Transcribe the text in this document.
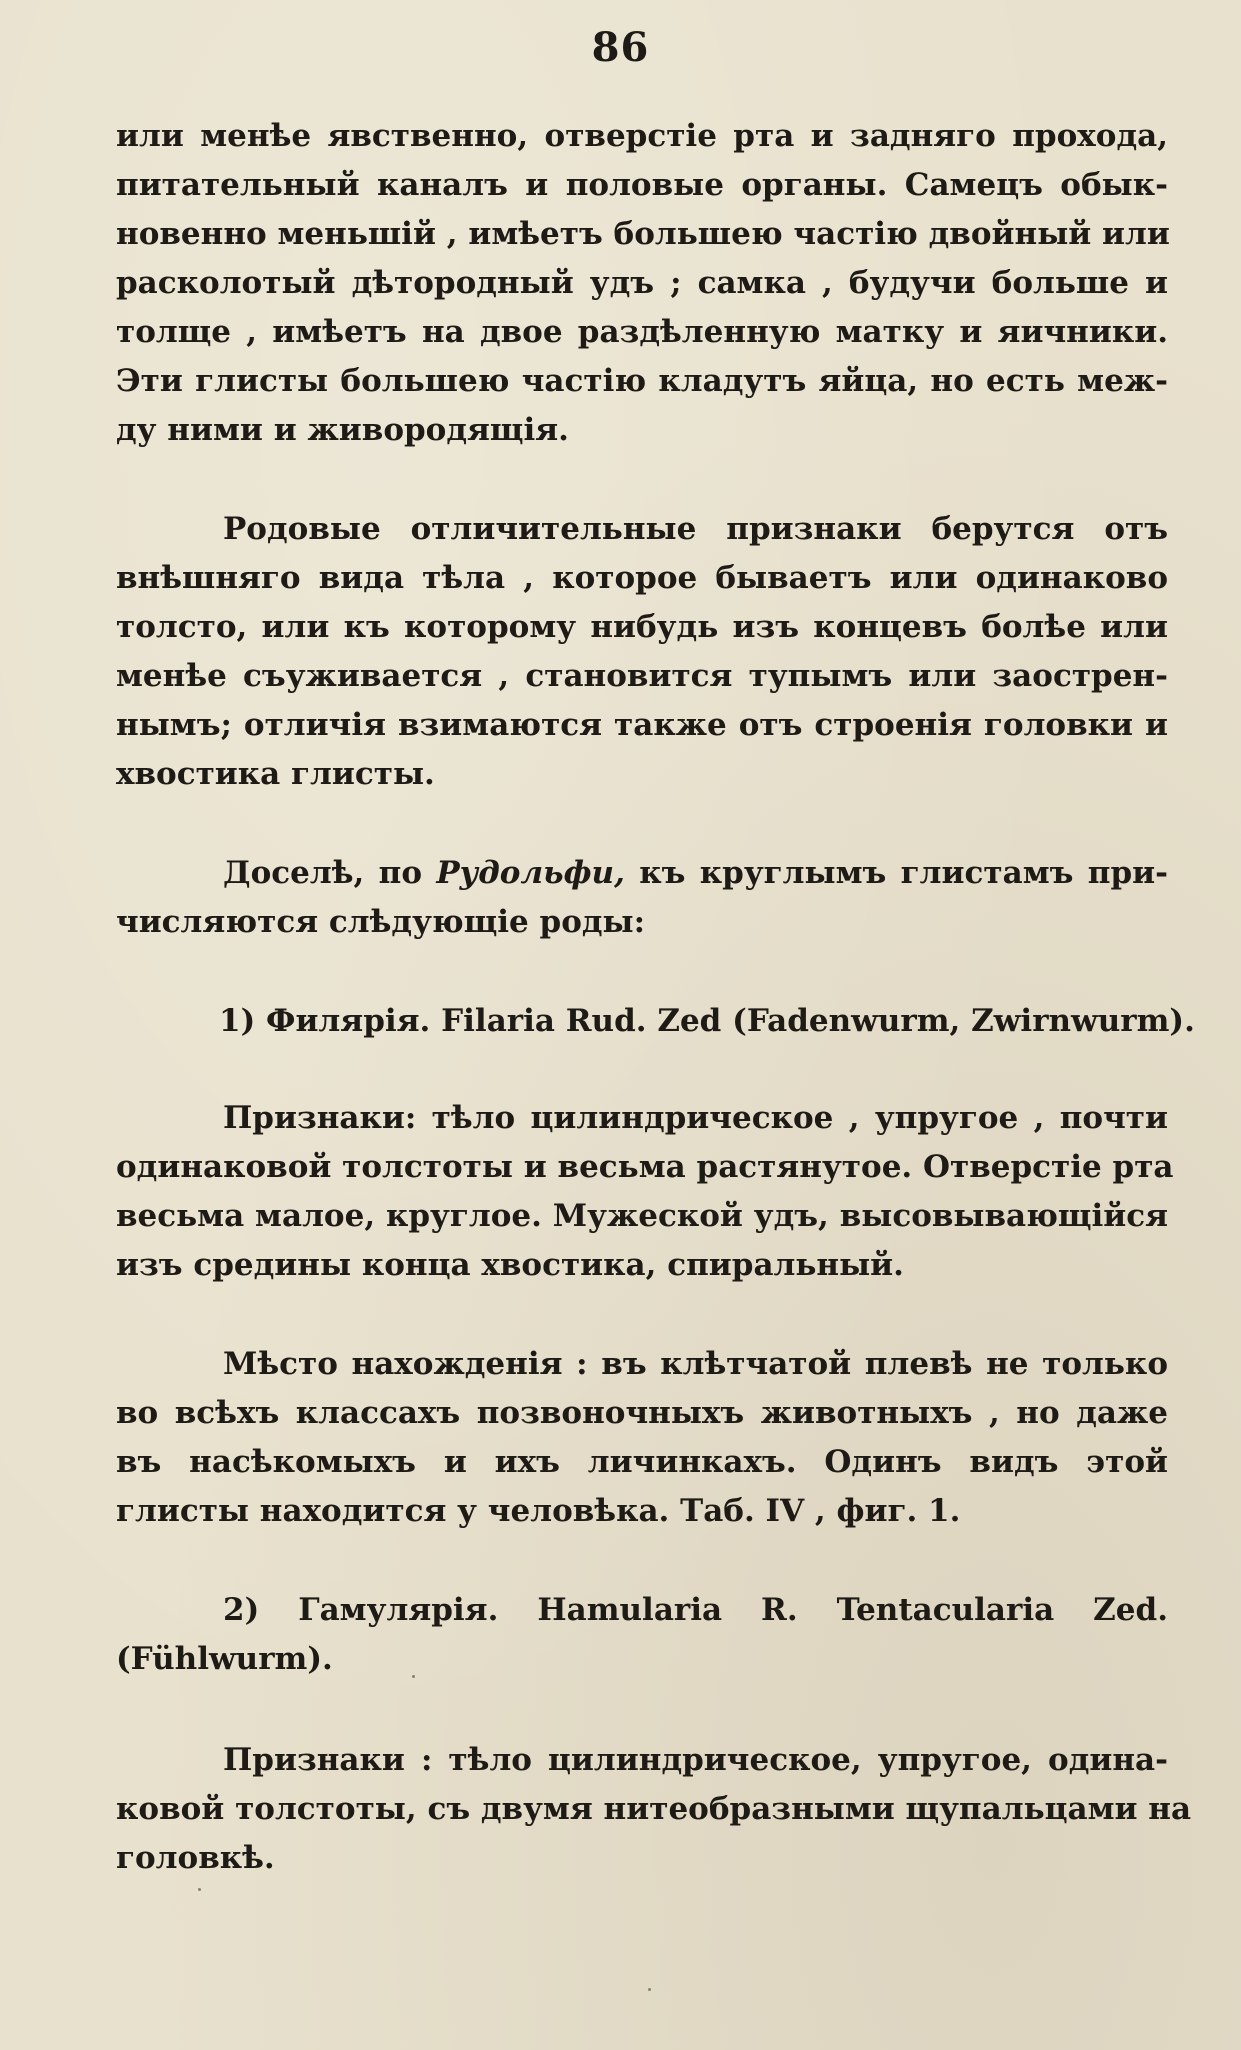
86
или менѣе явственно, отверстіе рта и задняго прохода,
питательный каналъ и половые органы. Самецъ обык-
новенно меньшій , имѣетъ большею частію двойный или
расколотый дѣтородный удъ ; самка , будучи больше и
толще , имѣетъ на двое раздѣленную матку и яичники.
Эти глисты большею частію кладутъ яйца, но есть меж-
ду ними и живородящія.
Родовые отличительные признаки берутся отъ
внѣшняго вида тѣла , которое бываетъ или одинаково
толсто, или къ которому нибудь изъ концевъ болѣе или
менѣе съуживается , становится тупымъ или заострен-
нымъ; отличія взимаются также отъ строенія головки и
хвостика глисты.
Доселѣ, по Рудольфи, къ круглымъ глистамъ при-
числяются слѣдующіе роды:
1) Филярія. Filaria Rud. Zed (Fadenwurm, Zwirnwurm).
Признаки: тѣло цилиндрическое , упругое , почти
одинаковой толстоты и весьма растянутое. Отверстіе рта
весьма малое, круглое. Мужеской удъ, высовывающійся
изъ средины конца хвостика, спиральный.
Мѣсто нахожденія : въ клѣтчатой плевѣ не только
во всѣхъ классахъ позвоночныхъ животныхъ , но даже
въ насѣкомыхъ и ихъ личинкахъ. Одинъ видъ этой
глисты находится у человѣка. Таб. IV , фиг. 1.
2) Гамулярія. Hamularia R. Tentacularia Zed.
(Fühlwurm).
Признаки : тѣло цилиндрическое, упругое, одина-
ковой толстоты, съ двумя нитеобразными щупальцами на
головкѣ.
